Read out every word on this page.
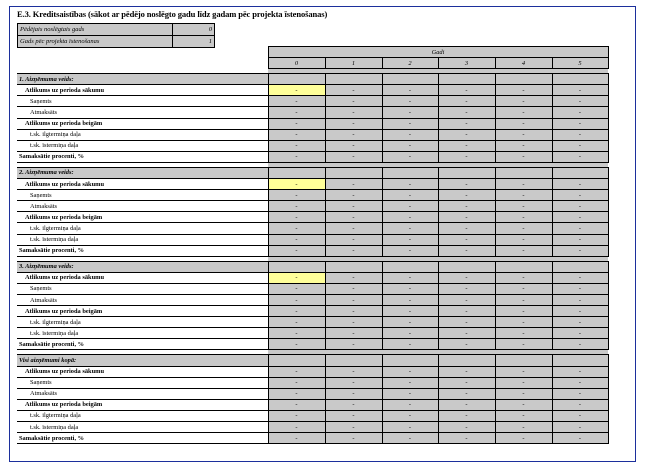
E.3. Kreditsaistības (sākot ar pēdējo noslēgto gadu līdz gadam pēc projekta īstenošanas)
Pēdējais noslēgtais gads	0
Gads pēc projekta īstenošanas	1
	Gadi					
	0	1	2	3	4	5

1. Aizņēmuma veids:						
Atlikums uz perioda sākumu	-	-	-	-	-	-
Saņemts	-	-	-	-	-	-
Atmaksāts	-	-	-	-	-	-
Atlikums uz perioda beigām	-	-	-	-	-	-
t.sk. ilgtermiņa daļa	-	-	-	-	-	-
t.sk. īstermiņa daļa	-	-	-	-	-	-
Samaksātie procenti, %	-	-	-	-	-	-

2. Aizņēmuma veids:						
Atlikums uz perioda sākumu	-	-	-	-	-	-
Saņemts	-	-	-	-	-	-
Atmaksāts	-	-	-	-	-	-
Atlikums uz perioda beigām	-	-	-	-	-	-
t.sk. ilgtermiņa daļa	-	-	-	-	-	-
t.sk. īstermiņa daļa	-	-	-	-	-	-
Samaksātie procenti, %	-	-	-	-	-	-

3. Aizņēmuma veids:						
Atlikums uz perioda sākumu	-	-	-	-	-	-
Saņemts	-	-	-	-	-	-
Atmaksāts	-	-	-	-	-	-
Atlikums uz perioda beigām	-	-	-	-	-	-
t.sk. ilgtermiņa daļa	-	-	-	-	-	-
t.sk. īstermiņa daļa	-	-	-	-	-	-
Samaksātie procenti, %	-	-	-	-	-	-

Visi aizņēmumi kopā:						
Atlikums uz perioda sākumu	-	-	-	-	-	-
Saņemts	-	-	-	-	-	-
Atmaksāts	-	-	-	-	-	-
Atlikums uz perioda beigām	-	-	-	-	-	-
t.sk. ilgtermiņa daļa	-	-	-	-	-	-
t.sk. īstermiņa daļa	-	-	-	-	-	-
Samaksātie procenti, %	-	-	-	-	-	-
